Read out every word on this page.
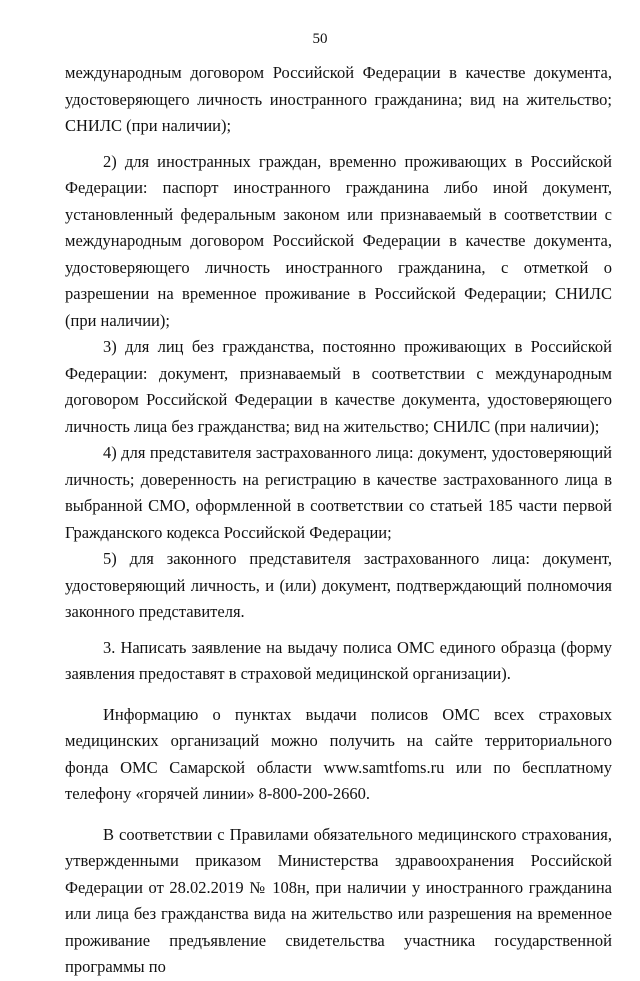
50

международным договором Российской Федерации в качестве документа, удостоверяющего личность иностранного гражданина; вид на жительство; СНИЛС (при наличии);

2) для иностранных граждан, временно проживающих в Российской Федерации: паспорт иностранного гражданина либо иной документ, установленный федеральным законом или признаваемый в соответствии с международным договором Российской Федерации в качестве документа, удостоверяющего личность иностранного гражданина, с отметкой о разрешении на временное проживание в Российской Федерации; СНИЛС (при наличии);

3) для лиц без гражданства, постоянно проживающих в Российской Федерации: документ, признаваемый в соответствии с международным договором Российской Федерации в качестве документа, удостоверяющего личность лица без гражданства; вид на жительство; СНИЛС (при наличии);

4) для представителя застрахованного лица: документ, удостоверяющий личность; доверенность на регистрацию в качестве застрахованного лица в выбранной СМО, оформленной в соответствии со статьей 185 части первой Гражданского кодекса Российской Федерации;

5) для законного представителя застрахованного лица: документ, удостоверяющий личность, и (или) документ, подтверждающий полномочия законного представителя.

3. Написать заявление на выдачу полиса ОМС единого образца (форму заявления предоставят в страховой медицинской организации).

Информацию о пунктах выдачи полисов ОМС всех страховых медицинских организаций можно получить на сайте территориального фонда ОМС Самарской области www.samtfoms.ru или по бесплатному телефону «горячей линии» 8-800-200-2660.

В соответствии с Правилами обязательного медицинского страхования, утвержденными приказом Министерства здравоохранения Российской Федерации от 28.02.2019 № 108н, при наличии у иностранного гражданина или лица без гражданства вида на жительство или разрешения на временное проживание предъявление свидетельства участника государственной программы по
